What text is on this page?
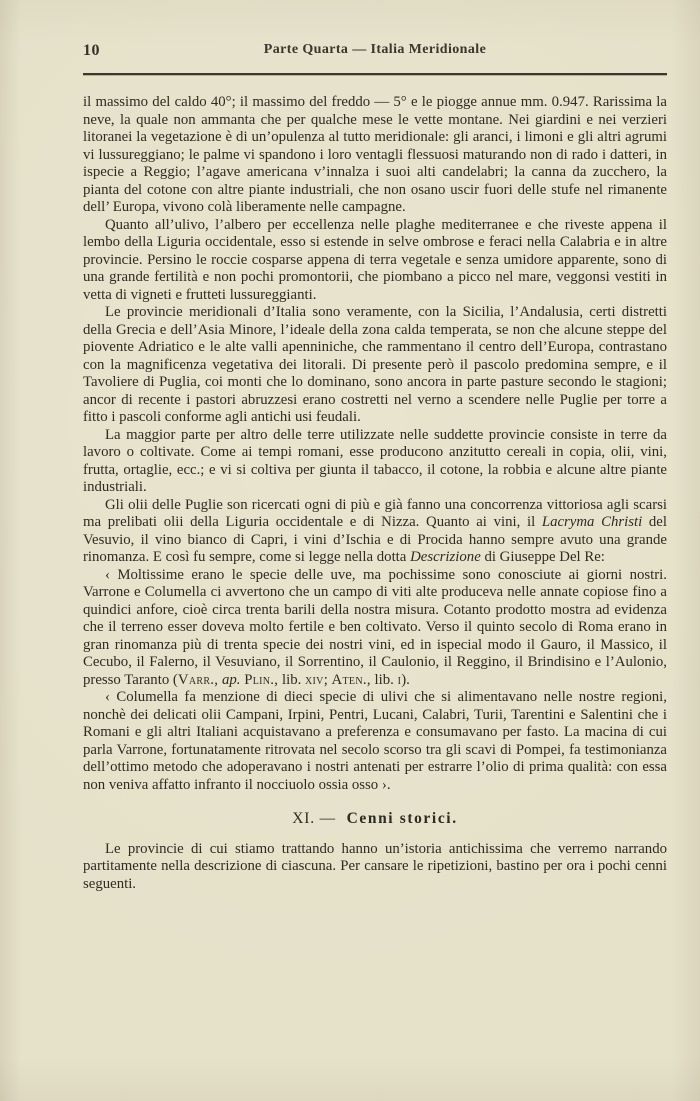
10	Parte Quarta — Italia Meridionale

il massimo del caldo 40°; il massimo del freddo — 5° e le piogge annue mm. 0.947. Rarissima la neve, la quale non ammanta che per qualche mese le vette montane. Nei giardini e nei verzieri litoranei la vegetazione è di un’opulenza al tutto meridionale: gli aranci, i limoni e gli altri agrumi vi lussureggiano; le palme vi spandono i loro ventagli flessuosi maturando non di rado i datteri, in ispecie a Reggio; l’agave americana v’innalza i suoi alti candelabri; la canna da zucchero, la pianta del cotone con altre piante industriali, che non osano uscir fuori delle stufe nel rimanente dell’ Europa, vivono colà liberamente nelle campagne.

Quanto all’ulivo, l’albero per eccellenza nelle plaghe mediterranee e che riveste appena il lembo della Liguria occidentale, esso si estende in selve ombrose e feraci nella Calabria e in altre provincie. Persino le roccie cosparse appena di terra vegetale e senza umidore apparente, sono di una grande fertilità e non pochi promontorii, che piombano a picco nel mare, veggonsi vestiti in vetta di vigneti e frutteti lussureggianti.

Le provincie meridionali d’Italia sono veramente, con la Sicilia, l’Andalusia, certi distretti della Grecia e dell’Asia Minore, l’ideale della zona calda temperata, se non che alcune steppe del piovente Adriatico e le alte valli apenniniche, che rammentano il centro dell’Europa, contrastano con la magnificenza vegetativa dei litorali. Di presente però il pascolo predomina sempre, e il Tavoliere di Puglia, coi monti che lo dominano, sono ancora in parte pasture secondo le stagioni; ancor di recente i pastori abruzzesi erano costretti nel verno a scendere nelle Puglie per torre a fitto i pascoli conforme agli antichi usi feudali.

La maggior parte per altro delle terre utilizzate nelle suddette provincie consiste in terre da lavoro o coltivate. Come ai tempi romani, esse producono anzitutto cereali in copia, olii, vini, frutta, ortaglie, ecc.; e vi si coltiva per giunta il tabacco, il cotone, la robbia e alcune altre piante industriali.

Gli olii delle Puglie son ricercati ogni di più e già fanno una concorrenza vittoriosa agli scarsi ma prelibati olii della Liguria occidentale e di Nizza. Quanto ai vini, il Lacryma Christi del Vesuvio, il vino bianco di Capri, i vini d’Ischia e di Procida hanno sempre avuto una grande rinomanza. E così fu sempre, come si legge nella dotta Descrizione di Giuseppe Del Re:

‹ Moltissime erano le specie delle uve, ma pochissime sono conosciute ai giorni nostri. Varrone e Columella ci avvertono che un campo di viti alte produceva nelle annate copiose fino a quindici anfore, cioè circa trenta barili della nostra misura. Cotanto prodotto mostra ad evidenza che il terreno esser doveva molto fertile e ben coltivato. Verso il quinto secolo di Roma erano in gran rinomanza più di trenta specie dei nostri vini, ed in ispecial modo il Gauro, il Massico, il Cecubo, il Falerno, il Vesuviano, il Sorrentino, il Caulonio, il Reggino, il Brindisino e l’Aulonio, presso Taranto (Varr., ap. Plin., lib. xiv; Aten., lib. i).

‹ Columella fa menzione di dieci specie di ulivi che si alimentavano nelle nostre regioni, nonchè dei delicati olii Campani, Irpini, Pentri, Lucani, Calabri, Turii, Tarentini e Salentini che i Romani e gli altri Italiani acquistavano a preferenza e consumavano per fasto. La macina di cui parla Varrone, fortunatamente ritrovata nel secolo scorso tra gli scavi di Pompei, fa testimonianza dell’ottimo metodo che adoperavano i nostri antenati per estrarre l’olio di prima qualità: con essa non veniva affatto infranto il nocciuolo ossia osso ›.

XI. — Cenni storici.

Le provincie di cui stiamo trattando hanno un’istoria antichissima che verremo narrando partitamente nella descrizione di ciascuna. Per cansare le ripetizioni, bastino per ora i pochi cenni seguenti.
